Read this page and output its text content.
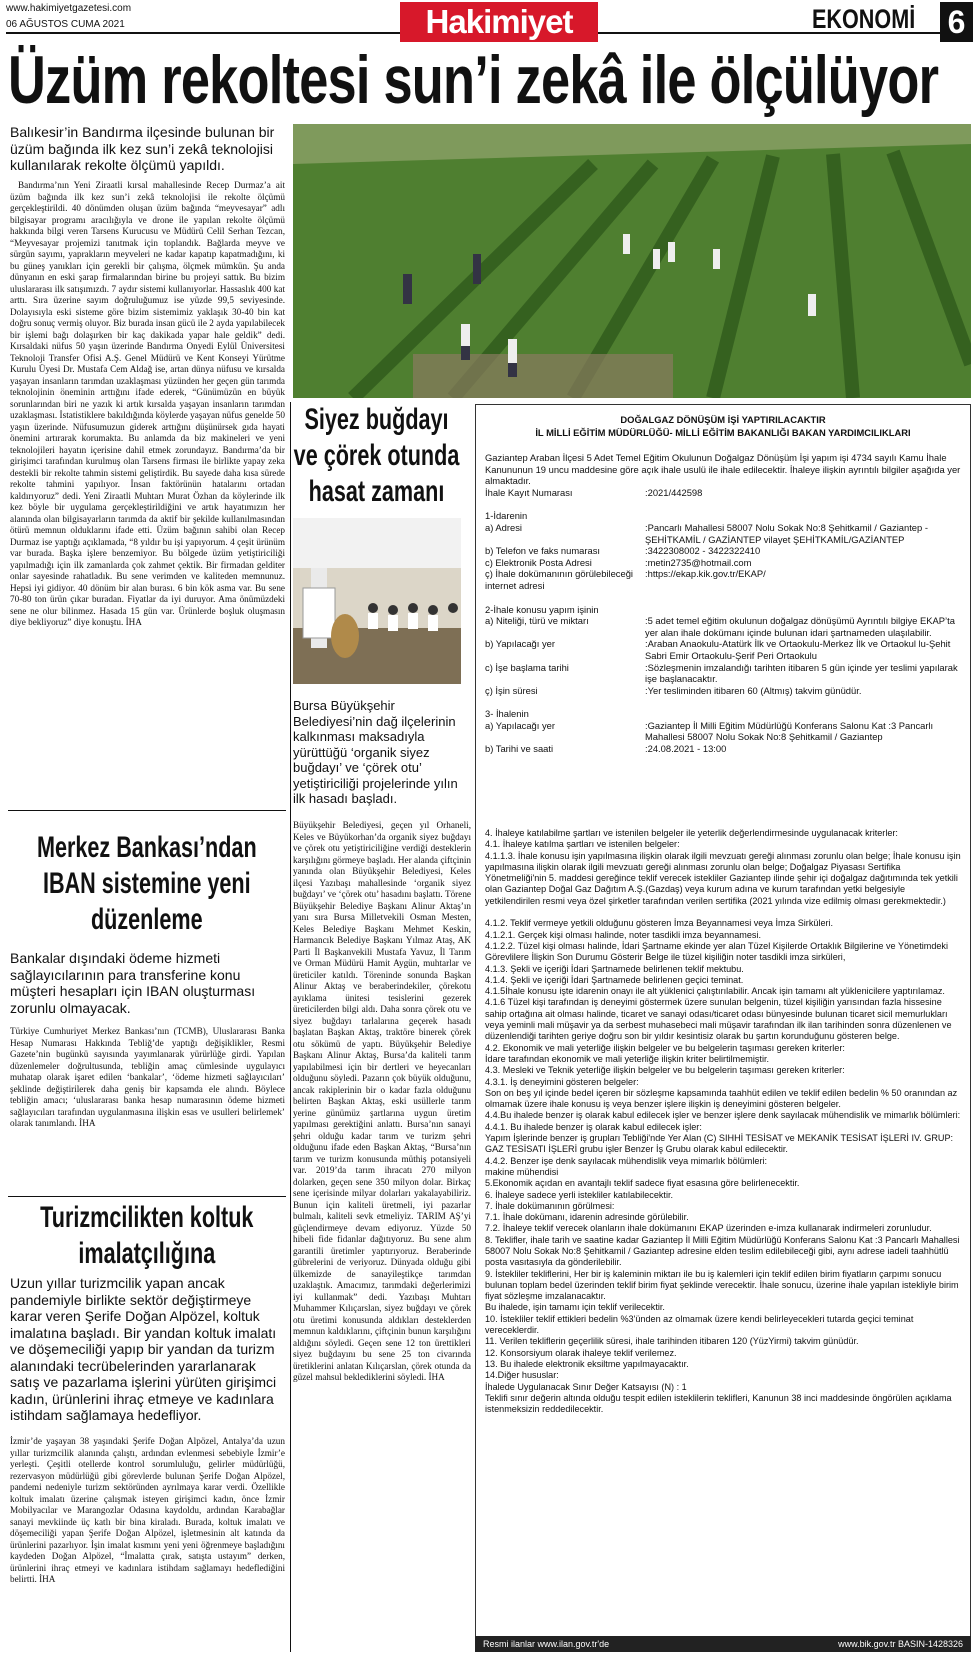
www.hakimiyetgazetesi.com
06 AĞUSTOS CUMA 2021	Hakimiyet	EKONOMİ 6
Üzüm rekoltesi sun’i zekâ ile ölçülüyor
Balıkesir’in Bandırma ilçesinde bulunan bir üzüm bağında ilk kez sun’i zekâ teknolojisi kullanılarak rekolte ölçümü yapıldı.
Bandırma’nın Yeni Ziraatli kırsal mahallesinde Recep Durmaz’a ait üzüm bağında ilk kez sun’i zekâ teknolojisi ile rekolte ölçümü gerçekleştirildi. 40 dönümden oluşan üzüm bağında “meyvesayar” adlı bilgisayar programı aracılığıyla ve drone ile yapılan rekolte ölçümü hakkında bilgi veren Tarsens Kurucusu ve Müdürü Celil Serhan Tezcan, “Meyvesayar projemizi tanıtmak için toplandık. Bağlarda meyve ve sürgün sayımı, yaprakların meyveleri ne kadar kapatıp kapatmadığını, ki bu güneş yanıkları için gerekli bir çalışma, ölçmek mümkün. Şu anda dünyanın en eski şarap firmalarından birine bu projeyi sattık. Bu bizim uluslararası ilk satışımızdı. 7 aydır sistemi kullanıyorlar. Hassaslık 400 kat arttı. Sıra üzerine sayım doğruluğumuz ise yüzde 99,5 seviyesinde. Dolayısıyla eski sisteme göre bizim sistemimiz yaklaşık 30-40 bin kat doğru sonuç vermiş oluyor. Biz burada insan gücü ile 2 ayda yapılabilecek bir işlemi bağı dolaşırken bir kaç dakikada yapar hale geldik” dedi. Kırsaldaki nüfus 50 yaşın üzerinde Bandırma Onyedi Eylül Üniversitesi Teknoloji Transfer Ofisi A.Ş. Genel Müdürü ve Kent Konseyi Yürütme Kurulu Üyesi Dr. Mustafa Cem Aldağ ise, artan dünya nüfusu ve kırsalda yaşayan insanların tarımdan uzaklaşması yüzünden her geçen gün tarımda teknolojinin öneminin arttığını ifade ederek, “Günümüzün en büyük sorunlarından biri ne yazık ki artık kırsalda yaşayan insanların tarımdan uzaklaşması. İstatistiklere bakıldığında köylerde yaşayan nüfus genelde 50 yaşın üzerinde. Nüfusumuzun giderek arttığını düşünürsek gıda hayati önemini artırarak korumakta. Bu anlamda da biz makineleri ve yeni teknolojileri hayatın içerisine dahil etmek zorundayız. Bandırma’da bir girişimci tarafından kurulmuş olan Tarsens firması ile birlikte yapay zeka destekli bir rekolte tahmin sistemi geliştirdik. Bu sayede daha kısa sürede rekolte tahmini yapılıyor. İnsan faktörünün hatalarını ortadan kaldırıyoruz” dedi. Yeni Ziraatli Muhtarı Murat Özhan da köylerinde ilk kez böyle bir uygulama gerçekleştirildiğini ve artık hayatımızın her alanında olan bilgisayarların tarımda da aktif bir şekilde kullanılmasından ötürü memnun olduklarını ifade etti. Üzüm bağının sahibi olan Recep Durmaz ise yaptığı açıklamada, “8 yıldır bu işi yapıyorum. 4 çeşit ürünüm var burada. Başka işlere benzemiyor. Bu bölgede üzüm yetiştiriciliği yapılmadığı için ilk zamanlarda çok zahmet çektik. Bir firmadan gelditer onlar sayesinde rahatladık. Bu sene verimden ve kaliteden memnunuz. Hepsi iyi gidiyor. 40 dönüm bir alan burası. 6 bin kök asma var. Bu sene 70-80 ton ürün çıkar buradan. Fiyatlar da iyi duruyor. Ama önümüzdeki sene ne olur bilinmez. Hasada 15 gün var. Ürünlerde boşluk oluşmasın diye bekliyoruz” diye konuştu. İHA
Siyez buğdayı ve çörek otunda hasat zamanı
Bursa Büyükşehir Belediyesi’nin dağ ilçelerinin kalkınması maksadıyla yürüttüğü ‘organik siyez buğdayı’ ve ‘çörek otu’ yetiştiriciliği projelerinde yılın ilk hasadı başladı.
Büyükşehir Belediyesi, geçen yıl Orhaneli, Keles ve Büyükorhan’da organik siyez buğdayı ve çörek otu yetiştiriciliğine verdiği desteklerin karşılığını görmeye başladı. Her alanda çiftçinin yanında olan Büyükşehir Belediyesi, Keles ilçesi Yazıbaşı mahallesinde ‘organik siyez buğdayı’ ve ‘çörek otu’ hasadını başlattı. Törene Büyükşehir Belediye Başkanı Alinur Aktaş’ın yanı sıra Bursa Milletvekili Osman Mesten, Keles Belediye Başkanı Mehmet Keskin, Harmancık Belediye Başkanı Yılmaz Ataş, AK Parti İl Başkanvekili Mustafa Yavuz, İl Tarım ve Orman Müdürü Hamit Aygün, muhtarlar ve üreticiler katıldı. Töreninde sonunda Başkan Alinur Aktaş ve beraberindekiler, çörekotu ayıklama ünitesi tesislerini gezerek üreticilerden bilgi aldı. Daha sonra çörek otu ve siyez buğdayı tarlalarına geçerek hasadı başlatan Başkan Aktaş, traktöre binerek çörek otu sökümü de yaptı. Büyükşehir Belediye Başkanı Alinur Aktaş, Bursa’da kaliteli tarım yapılabilmesi için bir dertleri ve heyecanları olduğunu söyledi. Pazarın çok büyük olduğunu, ancak rakiplerinin bir o kadar fazla olduğunu belirten Başkan Aktaş, eski usüllerle tarım yerine günümüz şartlarına uygun üretim yapılması gerektiğini anlattı. Bursa’nın sanayi şehri olduğu kadar tarım ve turizm şehri olduğunu ifade eden Başkan Aktaş, “Bursa’nın tarım ve turizm konusunda müthiş potansiyeli var. 2019’da tarım ihracatı 270 milyon dolarken, geçen sene 350 milyon dolar. Birkaç sene içerisinde milyar dolarları yakalayabiliriz. Bunun için kaliteli üretmeli, iyi pazarlar bulmalı, kaliteli sevk etmeliyiz. TARIM AŞ’yi güçlendirmeye devam ediyoruz. Yüzde 50 hibeli fide fidanlar dağıtıyoruz. Bu sene alım garantili üretimler yaptırıyoruz. Beraberinde gübrelerini de veriyoruz. Dünyada olduğu gibi ülkemizde de sanayileştikçe tarımdan uzaklaştık. Amacımız, tarımdaki değerlerimizi iyi kullanmak” dedi. Yazıbaşı Muhtarı Muhammer Kılıçarslan, siyez buğdayı ve çörek otu üretimi konusunda aldıkları desteklerden memnun kaldıklarını, çiftçinin bunun karşılığını aldığını söyledi. Geçen sene 12 ton ürettikleri siyez buğdayını bu sene 25 ton civarında üretiklerini anlatan Kılıçarslan, çörek otunda da güzel mahsul beklediklerini söyledi. İHA
Merkez Bankası’ndan IBAN sistemine yeni düzenleme
Bankalar dışındaki ödeme hizmeti sağlayıcılarının para transferine konu müşteri hesapları için IBAN oluşturması zorunlu olmayacak.
Türkiye Cumhuriyet Merkez Bankası’nın (TCMB), Uluslararası Banka Hesap Numarası Hakkında Tebliğ’de yaptığı değişiklikler, Resmi Gazete’nin bugünkü sayısında yayımlanarak yürürlüğe girdi. Yapılan düzenlemeler doğrultusunda, tebliğin amaç cümlesinde uygulayıcı muhatap olarak işaret edilen ‘bankalar’, ‘ödeme hizmeti sağlayıcıları’ şeklinde değiştirilerek daha geniş bir kapsamda ele alındı. Böylece tebliğin amacı; ‘uluslararası banka hesap numarasının ödeme hizmeti sağlayıcıları tarafından uygulanmasına ilişkin esas ve usulleri belirlemek’ olarak tanımlandı. İHA
Turizmcilikten koltuk imalatçılığına
Uzun yıllar turizmcilik yapan ancak pandemiyle birlikte sektör değiştirmeye karar veren Şerife Doğan Alpözel, koltuk imalatına başladı. Bir yandan koltuk imalatı ve döşemeciliği yapıp bir yandan da turizm alanındaki tecrübelerinden yararlanarak satış ve pazarlama işlerini yürüten girişimci kadın, ürünlerini ihraç etmeye ve kadınlara istihdam sağlamaya hedefliyor.
İzmir’de yaşayan 38 yaşındaki Şerife Doğan Alpözel, Antalya’da uzun yıllar turizmcilik alanında çalıştı, ardından evlenmesi sebebiyle İzmir’e yerleşti. Çeşitli otellerde kontrol sorumluluğu, gelirler müdürlüğü, rezervasyon müdürlüğü gibi görevlerde bulunan Şerife Doğan Alpözel, pandemi nedeniyle turizm sektöründen ayrılmaya karar verdi. Özellikle koltuk imalatı üzerine çalışmak isteyen girişimci kadın, önce İzmir Mobilyacılar ve Marangozlar Odasına kaydoldu, ardından Karabağlar sanayi mevkiinde üç katlı bir bina kiraladı. Burada, koltuk imalatı ve döşemeciliği yapan Şerife Doğan Alpözel, işletmesinin alt katında da ürünlerini pazarlıyor. İşin imalat kısmını yeni yeni öğrenmeye başladığını kaydeden Doğan Alpözel, “İmalatta çırak, satışta ustayım” derken, ürünlerini ihraç etmeyi ve kadınlara istihdam sağlamayı hedeflediğini belirtti. İHA
DOĞALGAZ DÖNÜŞÜM İŞİ YAPTIRILACAKTIR
İL MİLLİ EĞİTİM MÜDÜRLÜĞÜ- MİLLİ EĞİTİM BAKANLIĞI BAKAN YARDIMCILIKLARI
Gaziantep Araban İlçesi 5 Adet Temel Eğitim Okulunun Doğalgaz Dönüşüm İşi yapım işi 4734 sayılı Kamu İhale Kanununun 19 uncu maddesine göre açık ihale usulü ile ihale edilecektir. İhaleye ilişkin ayrıntılı bilgiler aşağıda yer almaktadır.
İhale Kayıt Numarası	:2021/442598
1-İdarenin
a) Adresi	:Pancarlı Mahallesi 58007 Nolu Sokak No:8 Şehitkamil / Gaziantep - ŞEHİTKAMİL / GAZİANTEP vilayet ŞEHİTKAMİL/GAZİANTEP
b) Telefon ve faks numarası	:3422308002 - 3422322410
c) Elektronik Posta Adresi	:metin2735@hotmail.com
ç) İhale dokümanının görülebileceği internet adresi
:https://ekap.kik.gov.tr/EKAP/
2-İhale konusu yapım işinin
a) Niteliği, türü ve miktarı	:5 adet temel eğitim okulunun doğalgaz dönüşümü Ayrıntılı bilgiye EKAP’ta yer alan ihale dokümanı içinde bulunan idari şartnameden ulaşılabilir.
b) Yapılacağı yer	:Araban Anaokulu-Atatürk İlk ve Ortaokulu-Merkez İlk ve Ortaokul lu-Şehit Sabri Emir Ortaokulu-Şerif Peri Ortaokulu
c) İşe başlama tarihi	:Sözleşmenin imzalandığı tarihten itibaren 5 gün içinde yer teslimi yapılarak işe başlanacaktır.
ç) İşin süresi	:Yer tesliminden itibaren 60 (Altmış) takvim günüdür.
3- İhalenin
a) Yapılacağı yer	:Gaziantep İl Milli Eğitim Müdürlüğü Konferans Salonu Kat :3 Pancarlı Mahallesi 58007 Nolu Sokak No:8 Şehitkamil / Gaziantep
b) Tarihi ve saati	:24.08.2021 - 13:00
4. İhaleye katılabilme şartları ve istenilen belgeler ile yeterlik değerlendirmesinde uygulanacak kriterler:
4.1. İhaleye katılma şartları ve istenilen belgeler:
4.1.1.3. İhale konusu işin yapılmasına ilişkin olarak ilgili mevzuatı gereği alınması zorunlu olan belge; İhale konusu işin yapılmasına ilişkin olarak ilgili mevzuatı gereği alınması zorunlu olan belge; Doğalgaz Piyasası Sertifika Yönetmeliği'nin 5. maddesi gereğince teklif verecek istekliler Gaziantep ilinde şehir içi doğalgaz dağıtımında tek yetkili olan Gaziantep Doğal Gaz Dağıtım A.Ş.(Gazdaş) veya kurum adına ve kurum tarafından yetki belgesiyle yetkilendirilen resmi veya özel şirketler tarafından verilen sertifika (2021 yılında vize edilmiş olması gerekmektedir.)

4.1.2. Teklif vermeye yetkili olduğunu gösteren İmza Beyannamesi veya İmza Sirküleri.
4.1.2.1. Gerçek kişi olması halinde, noter tasdikli imza beyannamesi.
4.1.2.2. Tüzel kişi olması halinde, İdari Şartname ekinde yer alan Tüzel Kişilerde Ortaklık Bilgilerine ve Yönetimdeki Görevlilere İlişkin Son Durumu Gösterir Belge ile tüzel kişiliğin noter tasdikli imza sirküleri,
4.1.3. Şekli ve içeriği İdari Şartnamede belirlenen teklif mektubu.
4.1.4. Şekli ve içeriği İdari Şartnamede belirlenen geçici teminat.
4.1.5İhale konusu işte idarenin onayı ile alt yüklenici çalıştırılabilir. Ancak işin tamamı alt yüklenicilere yaptırılamaz.
4.1.6 Tüzel kişi tarafından iş deneyimi göstermek üzere sunulan belgenin, tüzel kişiliğin yarısından fazla hissesine sahip ortağına ait olması halinde, ticaret ve sanayi odası/ticaret odası bünyesinde bulunan ticaret sicil memurlukları veya yeminli mali müşavir ya da serbest muhasebeci mali müşavir tarafından ilk ilan tarihinden sonra düzenlenen ve düzenlendiği tarihten geriye doğru son bir yıldır kesintisiz olarak bu şartın korunduğunu gösteren belge.
4.2. Ekonomik ve mali yeterliğe ilişkin belgeler ve bu belgelerin taşıması gereken kriterler:
İdare tarafından ekonomik ve mali yeterliğe ilişkin kriter belirtilmemiştir.
4.3. Mesleki ve Teknik yeterliğe ilişkin belgeler ve bu belgelerin taşıması gereken kriterler:
4.3.1. İş deneyimini gösteren belgeler:
Son on beş yıl içinde bedel içeren bir sözleşme kapsamında taahhüt edilen ve teklif edilen bedelin % 50 oranından az olmamak üzere ihale konusu iş veya benzer işlere ilişkin iş deneyimini gösteren belgeler.
4.4.Bu ihalede benzer iş olarak kabul edilecek işler ve benzer işlere denk sayılacak mühendislik ve mimarlık bölümleri:
4.4.1. Bu ihalede benzer iş olarak kabul edilecek işler:
Yapım İşlerinde benzer iş grupları Tebliği'nde Yer Alan (C) SIHHİ TESİSAT ve MEKANİK TESİSAT İŞLERİ IV. GRUP: GAZ TESİSATI İŞLERİ grubu işler Benzer İş Grubu olarak kabul edilecektir.
4.4.2. Benzer işe denk sayılacak mühendislik veya mimarlık bölümleri:
makine mühendisi
5.Ekonomik açıdan en avantajlı teklif sadece fiyat esasına göre belirlenecektir.
6. İhaleye sadece yerli istekliler katılabilecektir.
7. İhale dokümanının görülmesi:
7.1. İhale dokümanı, idarenin adresinde görülebilir.
7.2. İhaleye teklif verecek olanların ihale dokümanını EKAP üzerinden e-imza kullanarak indirmeleri zorunludur.
8. Teklifler, ihale tarih ve saatine kadar Gaziantep İl Milli Eğitim Müdürlüğü Konferans Salonu Kat :3 Pancarlı Mahallesi 58007 Nolu Sokak No:8 Şehitkamil / Gaziantep adresine elden teslim edilebileceği gibi, aynı adrese iadeli taahhütlü posta vasıtasıyla da gönderilebilir.
9. İstekliler tekliflerini, Her bir iş kaleminin miktarı ile bu iş kalemleri için teklif edilen birim fiyatların çarpımı sonucu bulunan toplam bedel üzerinden teklif birim fiyat şeklinde verecektir. İhale sonucu, üzerine ihale yapılan istekliyle birim fiyat sözleşme imzalanacaktır.
Bu ihalede, işin tamamı için teklif verilecektir.
10. İstekliler teklif ettikleri bedelin %3'ünden az olmamak üzere kendi belirleyecekleri tutarda geçici teminat vereceklerdir.
11. Verilen tekliflerin geçerlilik süresi, ihale tarihinden itibaren 120 (YüzYirmi) takvim günüdür.
12. Konsorsiyum olarak ihaleye teklif verilemez.
13. Bu ihalede elektronik eksiltme yapılmayacaktır.
14.Diğer hususlar:
İhalede Uygulanacak Sınır Değer Katsayısı (N) : 1
Teklifi sınır değerin altında olduğu tespit edilen isteklilerin teklifleri, Kanunun 38 inci maddesinde öngörülen açıklama istenmeksizin reddedilecektir.
Resmi ilanlar www.ilan.gov.tr'de	www.bik.gov.tr BASIN-1428326
